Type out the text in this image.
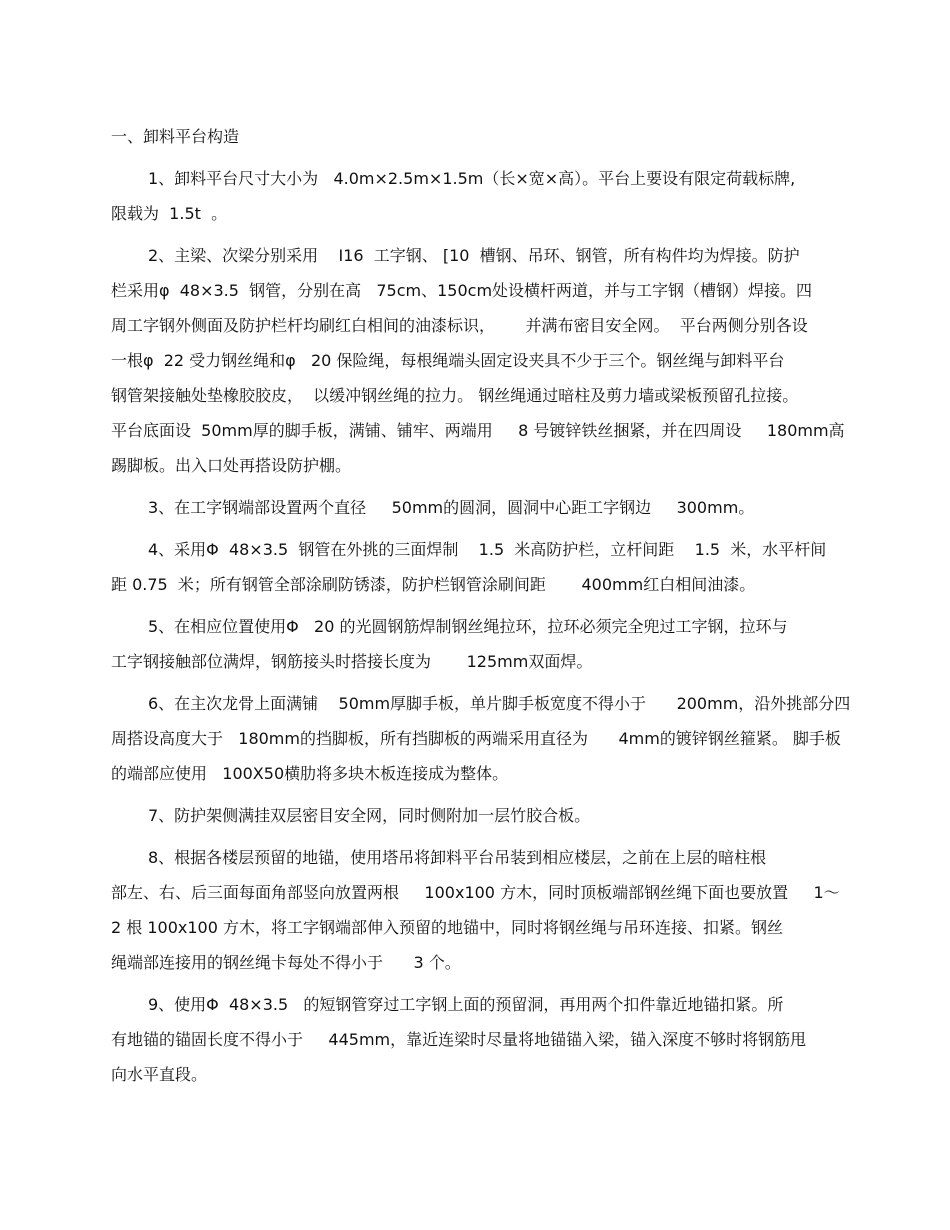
一、卸料平台构造
1、卸料平台尺寸大小为   4.0m×2.5m×1.5m（长×宽×高）。平台上要设有限定荷载标牌,
限载为  1.5t  。
2、主梁、次梁分别采用    I16  工字钢、 [10  槽钢、吊环、钢管，所有构件均为焊接。防护
栏采用φ  48×3.5  钢管，分别在高   75cm、150cm处设横杆两道，并与工字钢（槽钢）焊接。四
周工字钢外侧面及防护栏杆均刷红白相间的油漆标识，      并满布密目安全网。  平台两侧分别各设
一根φ  22 受力钢丝绳和φ   20 保险绳，每根绳端头固定设夹具不少于三个。钢丝绳与卸料平台
钢管架接触处垫橡胶胶皮，  以缓冲钢丝绳的拉力。 钢丝绳通过暗柱及剪力墙或梁板预留孔拉接。
平台底面设  50mm厚的脚手板，满铺、铺牢、两端用     8 号镀锌铁丝捆紧，并在四周设     180mm高
踢脚板。出入口处再搭设防护棚。
3、在工字钢端部设置两个直径     50mm的圆洞，圆洞中心距工字钢边     300mm。
4、采用Φ  48×3.5  钢管在外挑的三面焊制    1.5  米高防护栏，立杆间距    1.5  米，水平杆间
距 0.75  米；所有钢管全部涂刷防锈漆，防护栏钢管涂刷间距       400mm红白相间油漆。
5、在相应位置使用Φ   20 的光圆钢筋焊制钢丝绳拉环，拉环必须完全兜过工字钢，拉环与
工字钢接触部位满焊，钢筋接头时搭接长度为       125mm双面焊。
6、在主次龙骨上面满铺    50mm厚脚手板，单片脚手板宽度不得小于      200mm，沿外挑部分四
周搭设高度大于   180mm的挡脚板，所有挡脚板的两端采用直径为      4mm的镀锌钢丝箍紧。 脚手板
的端部应使用   100X50横肋将多块木板连接成为整体。
7、防护架侧满挂双层密目安全网，同时侧附加一层竹胶合板。
8、根据各楼层预留的地锚，使用塔吊将卸料平台吊装到相应楼层，之前在上层的暗柱根
部左、右、后三面每面角部竖向放置两根     100x100 方木，同时顶板端部钢丝绳下面也要放置     1～
2 根 100x100 方木，将工字钢端部伸入预留的地锚中，同时将钢丝绳与吊环连接、扣紧。钢丝
绳端部连接用的钢丝绳卡每处不得小于      3 个。
9、使用Φ  48×3.5   的短钢管穿过工字钢上面的预留洞，再用两个扣件靠近地锚扣紧。所
有地锚的锚固长度不得小于     445mm，靠近连梁时尽量将地锚锚入梁，锚入深度不够时将钢筋甩
向水平直段。
